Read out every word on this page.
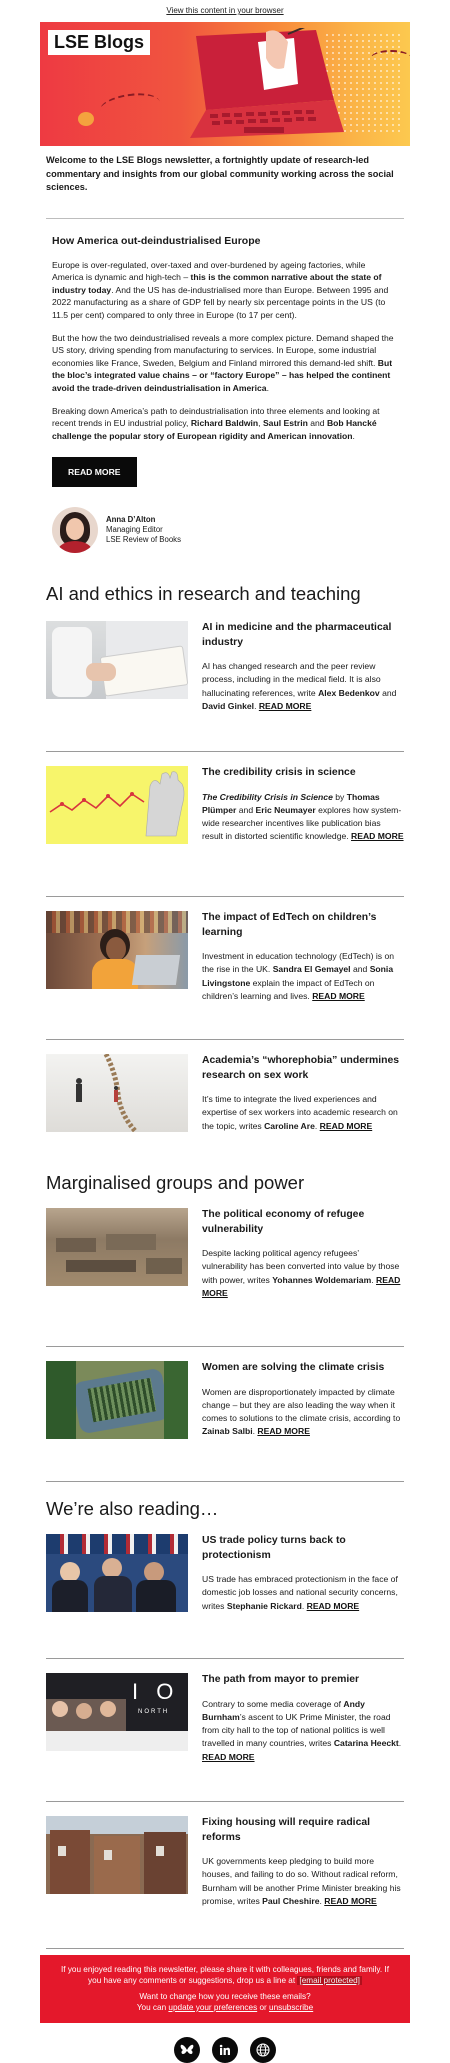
View this content in your browser
LSE Blogs

Welcome to the LSE Blogs newsletter, a fortnightly update of research-led commentary and insights from our global community working across the social sciences.

How America out-deindustrialised Europe

Europe is over-regulated, over-taxed and over-burdened by ageing factories, while America is dynamic and high-tech – this is the common narrative about the state of industry today. And the US has de-industrialised more than Europe. Between 1995 and 2022 manufacturing as a share of GDP fell by nearly six percentage points in the US (to 11.5 per cent) compared to only three in Europe (to 17 per cent).

But the how the two deindustrialised reveals a more complex picture. Demand shaped the US story, driving spending from manufacturing to services. In Europe, some industrial economies like France, Sweden, Belgium and Finland mirrored this demand-led shift. But the bloc’s integrated value chains – or “factory Europe” – has helped the continent avoid the trade-driven deindustrialisation in America.

Breaking down America’s path to deindustrialisation into three elements and looking at recent trends in EU industrial policy, Richard Baldwin, Saul Estrin and Bob Hancké challenge the popular story of European rigidity and American innovation.

READ MORE
Anna D’Alton
Managing Editor
LSE Review of Books
AI and ethics in research and teaching
AI in medicine and the pharmaceutical industry

AI has changed research and the peer review process, including in the medical field. It is also hallucinating references, write Alex Bedenkov and David Ginkel. READ MORE

The credibility crisis in science

The Credibility Crisis in Science by Thomas Plümper and Eric Neumayer explores how system-wide researcher incentives like publication bias result in distorted scientific knowledge. READ MORE

The impact of EdTech on children’s learning

Investment in education technology (EdTech) is on the rise in the UK. Sandra El Gemayel and Sonia Livingstone explain the impact of EdTech on children’s learning and lives. READ MORE

Academia’s “whorephobia” undermines research on sex work

It’s time to integrate the lived experiences and expertise of sex workers into academic research on the topic, writes Caroline Are. READ MORE

Marginalised groups and power
The political economy of refugee vulnerability

Despite lacking political agency refugees’ vulnerability has been converted into value by those with power, writes Yohannes Woldemariam. READ MORE

Women are solving the climate crisis

Women are disproportionately impacted by climate change – but they are also leading the way when it comes to solutions to the climate crisis, according to Zainab Salbi. READ MORE

We’re also reading…
US trade policy turns back to protectionism

US trade has embraced protectionism in the face of domestic job losses and national security concerns, writes Stephanie Rickard. READ MORE

I O
NORTH
The path from mayor to premier

Contrary to some media coverage of Andy Burnham’s ascent to UK Prime Minister, the road from city hall to the top of national politics is well travelled in many countries, writes Catarina Heeckt. READ MORE

Fixing housing will require radical reforms

UK governments keep pledging to build more houses, and failing to do so. Without radical reform, Burnham will be another Prime Minister breaking his promise, writes Paul Cheshire. READ MORE

If you enjoyed reading this newsletter, please share it with colleagues, friends and family. If you have any comments or suggestions, drop us a line at [email protected]
Want to change how you receive these emails?
You can update your preferences or unsubscribe
